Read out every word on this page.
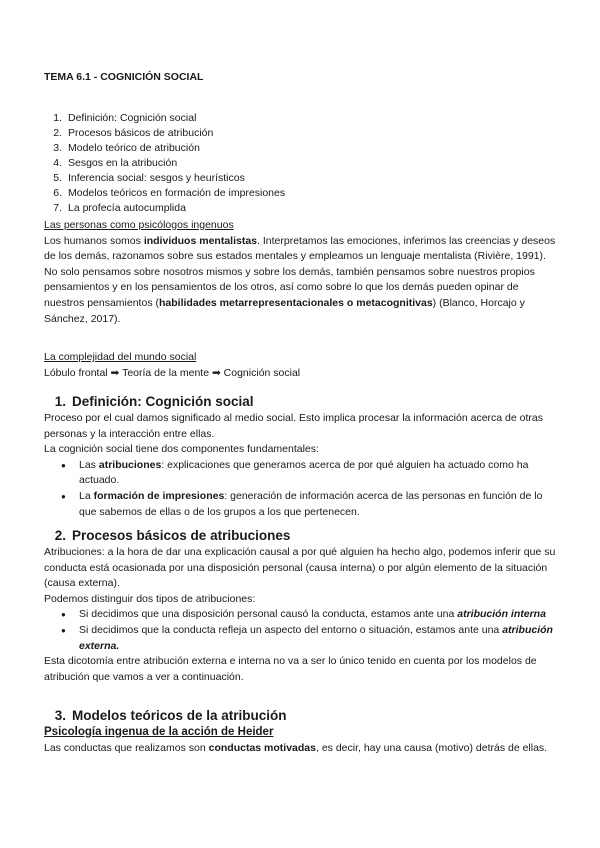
TEMA 6.1 - COGNICIÓN SOCIAL
1. Definición: Cognición social
2. Procesos básicos de atribución
3. Modelo teórico de atribución
4. Sesgos en la atribución
5. Inferencia social: sesgos y heurísticos
6. Modelos teóricos en formación de impresiones
7. La profecía autocumplida

Las personas como psicólogos ingenuos

Los humanos somos individuos mentalistas. Interpretamos las emociones, inferimos las creencias y deseos de los demás, razonamos sobre sus estados mentales y empleamos un lenguaje mentalista (Rivière, 1991).

No solo pensamos sobre nosotros mismos y sobre los demás, también pensamos sobre nuestros propios pensamientos y en los pensamientos de los otros, así como sobre lo que los demás pueden opinar de nuestros pensamientos (habilidades metarrepresentacionales o metacognitivas) (Blanco, Horcajo y Sánchez, 2017).

La complejidad del mundo social

Lóbulo frontal ➡ Teoría de la mente ➡ Cognición social

1. Definición: Cognición social

Proceso por el cual damos significado al medio social. Esto implica procesar la información acerca de otras personas y la interacción entre ellas.

La cognición social tiene dos componentes fundamentales:

● Las atribuciones: explicaciones que generamos acerca de por qué alguien ha actuado como ha actuado.
● La formación de impresiones: generación de información acerca de las personas en función de lo que sabemos de ellas o de los grupos a los que pertenecen.
2. Procesos básicos de atribuciones

Atribuciones: a la hora de dar una explicación causal a por qué alguien ha hecho algo, podemos inferir que su conducta está ocasionada por una disposición personal (causa interna) o por algún elemento de la situación (causa externa).

Podemos distinguir dos tipos de atribuciones:

● Si decidimos que una disposición personal causó la conducta, estamos ante una atribución interna
● Si decidimos que la conducta refleja un aspecto del entorno o situación, estamos ante una atribución externa.

Esta dicotomía entre atribución externa e interna no va a ser lo único tenido en cuenta por los modelos de atribución que vamos a ver a continuación.

3. Modelos teóricos de la atribución

Psicología ingenua de la acción de Heider

Las conductas que realizamos son conductas motivadas, es decir, hay una causa (motivo) detrás de ellas.
